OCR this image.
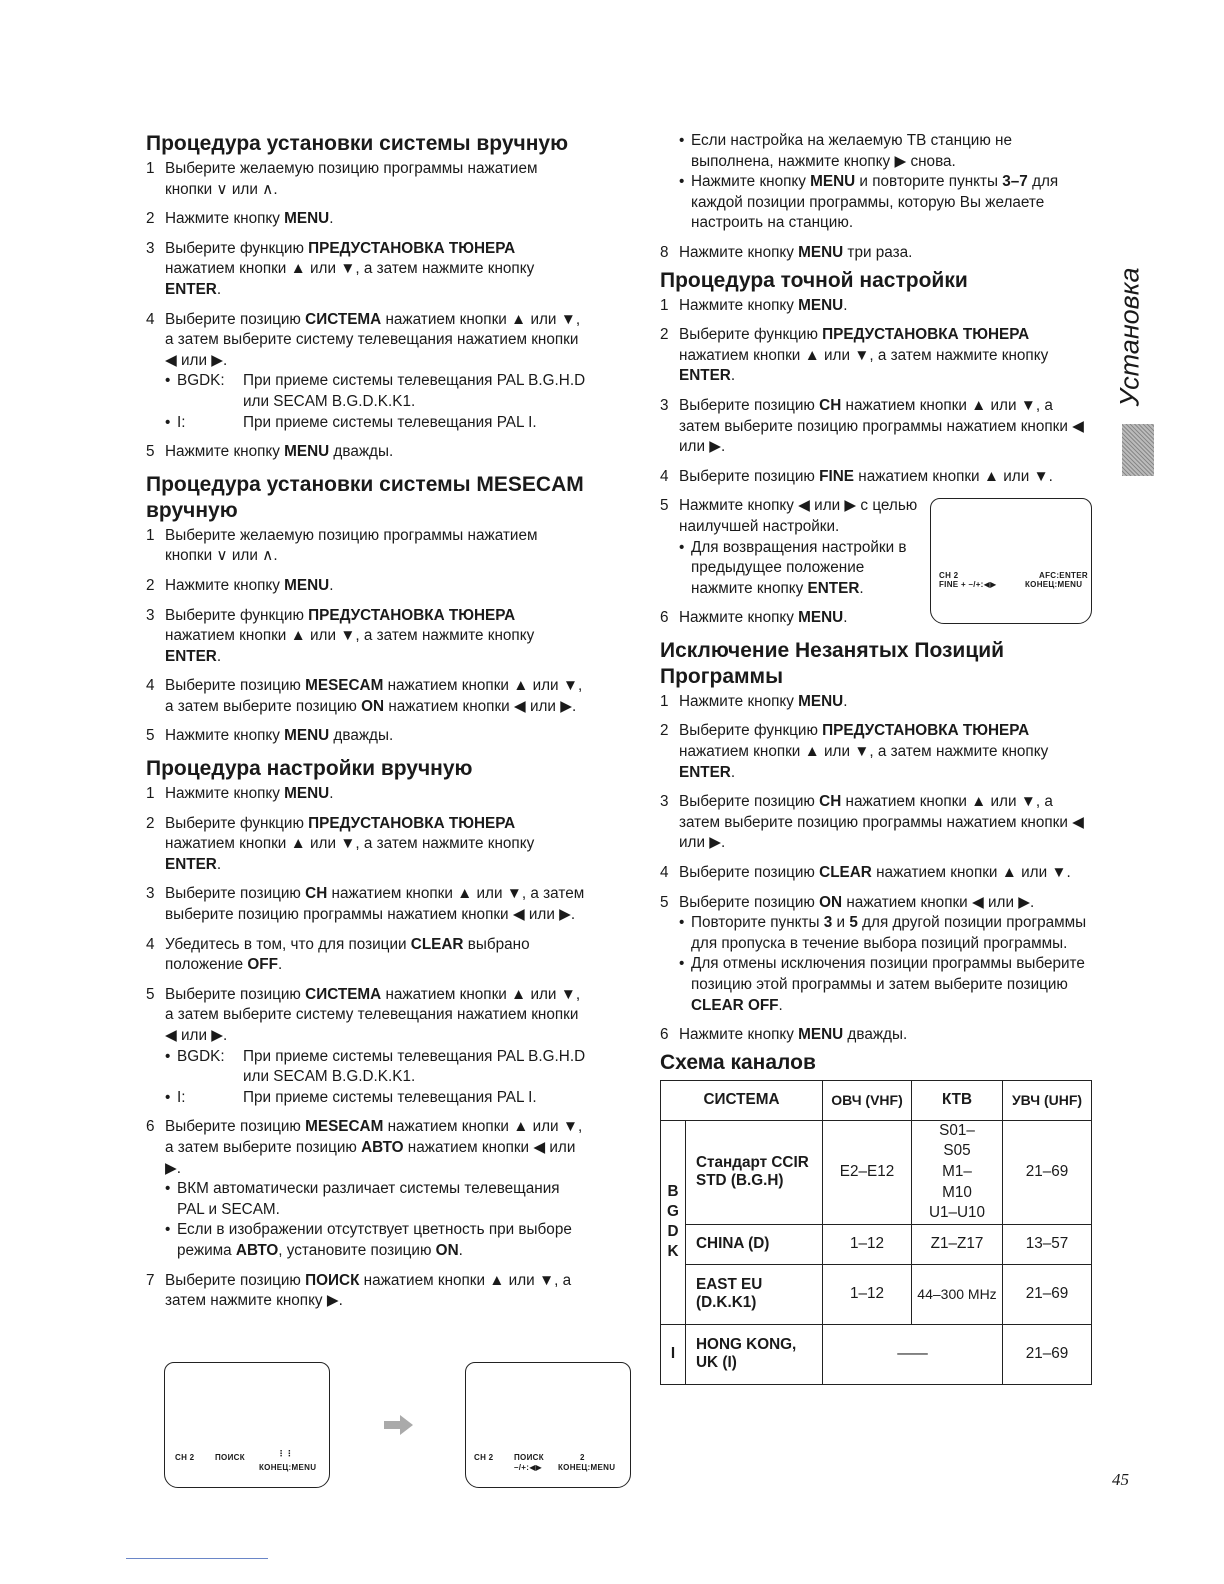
Процедура установки системы вручную
1 Выберите желаемую позицию программы нажатием кнопки ∨ или ∧.
2 Нажмите кнопку MENU.
3 Выберите функцию ПРЕДУСТАНОВКА ТЮНЕРА нажатием кнопки ▲ или ▼, а затем нажмите кнопку ENTER.
4 Выберите позицию СИСТЕМА нажатием кнопки ▲ или ▼, а затем выберите систему телевещания нажатием кнопки ◀ или ▶.
• BGDK:	При приеме системы телевещания PAL B.G.H.D или SECAM B.G.D.K.K1.
• I:	При приеме системы телевещания PAL I.
5 Нажмите кнопку MENU дважды.
Процедура установки системы MESECAM вручную
1 Выберите желаемую позицию программы нажатием кнопки ∨ или ∧.
2 Нажмите кнопку MENU.
3 Выберите функцию ПРЕДУСТАНОВКА ТЮНЕРА нажатием кнопки ▲ или ▼, а затем нажмите кнопку ENTER.
4 Выберите позицию MESECAM нажатием кнопки ▲ или ▼, а затем выберите позицию ON нажатием кнопки ◀ или ▶.
5 Нажмите кнопку MENU дважды.
Процедура настройки вручную
1 Нажмите кнопку MENU.
2 Выберите функцию ПРЕДУСТАНОВКА ТЮНЕРА нажатием кнопки ▲ или ▼, а затем нажмите кнопку ENTER.
3 Выберите позицию CH нажатием кнопки ▲ или ▼, а затем выберите позицию программы нажатием кнопки ◀ или ▶.
4 Убедитесь в том, что для позиции CLEAR выбрано положение OFF.
5 Выберите позицию СИСТЕМА нажатием кнопки ▲ или ▼, а затем выберите систему телевещания нажатием кнопки ◀ или ▶.
• BGDK:	При приеме системы телевещания PAL B.G.H.D или SECAM B.G.D.K.K1.
• I:	При приеме системы телевещания PAL I.
6 Выберите позицию MESECAM нажатием кнопки ▲ или ▼, а затем выберите позицию АВТО нажатием кнопки ◀ или ▶.
• ВКМ автоматически различает системы телевещания PAL и SECAM.
• Если в изображении отсутствует цветность при выборе режима АВТО, установите позицию ON.
7 Выберите позицию ПОИСК нажатием кнопки ▲ или ▼, а затем нажмите кнопку ▶.
CH 2	ПОИСК	⋮⋮
КОНЕЦ:MENU
CH 2	ПОИСК	2
–/+:◀▶ КОНЕЦ:MENU
• Если настройка на желаемую ТВ станцию не выполнена, нажмите кнопку ▶ снова.
• Нажмите кнопку MENU и повторите пункты 3–7 для каждой позиции программы, которую Вы желаете настроить на станцию.
8 Нажмите кнопку MENU три раза.
Процедура точной настройки
1 Нажмите кнопку MENU.
2 Выберите функцию ПРЕДУСТАНОВКА ТЮНЕРА нажатием кнопки ▲ или ▼, а затем нажмите кнопку ENTER.
3 Выберите позицию CH нажатием кнопки ▲ или ▼, а затем выберите позицию программы нажатием кнопки ◀ или ▶.
4 Выберите позицию FINE нажатием кнопки ▲ или ▼.
5 Нажмите кнопку ◀ или ▶ с целью наилучшей настройки.
• Для возвращения настройки в предыдущее положение нажмите кнопку ENTER.
6 Нажмите кнопку MENU.
Исключение Незанятых Позиций Программы
1 Нажмите кнопку MENU.
2 Выберите функцию ПРЕДУСТАНОВКА ТЮНЕРА нажатием кнопки ▲ или ▼, а затем нажмите кнопку ENTER.
3 Выберите позицию CH нажатием кнопки ▲ или ▼, а затем выберите позицию программы нажатием кнопки ◀ или ▶.
4 Выберите позицию CLEAR нажатием кнопки ▲ или ▼.
5 Выберите позицию ON нажатием кнопки ◀ или ▶.
• Повторите пункты 3 и 5 для другой позиции программы для пропуска в течение выбора позиций программы.
• Для отмены исключения позиции программы выберите позицию этой программы и затем выберите позицию CLEAR OFF.
6 Нажмите кнопку MENU дважды.
Схема каналов
СИСТЕМА		ОВЧ (VHF)	КТВ	УВЧ (UHF)
B G D K	Стандарт CCIR STD (B.G.H)	E2–E12	S01–S05 M1–M10 U1–U10	21–69
	CHINA (D)	1–12	Z1–Z17	13–57
	EAST EU (D.K.K1)	1–12	44–300 MHz	21–69
I	HONG KONG, UK (I)	——		21–69
CH 2	AFC:ENTER
FINE + –/+:◀▶	КОНЕЦ:MENU
Установка
45
